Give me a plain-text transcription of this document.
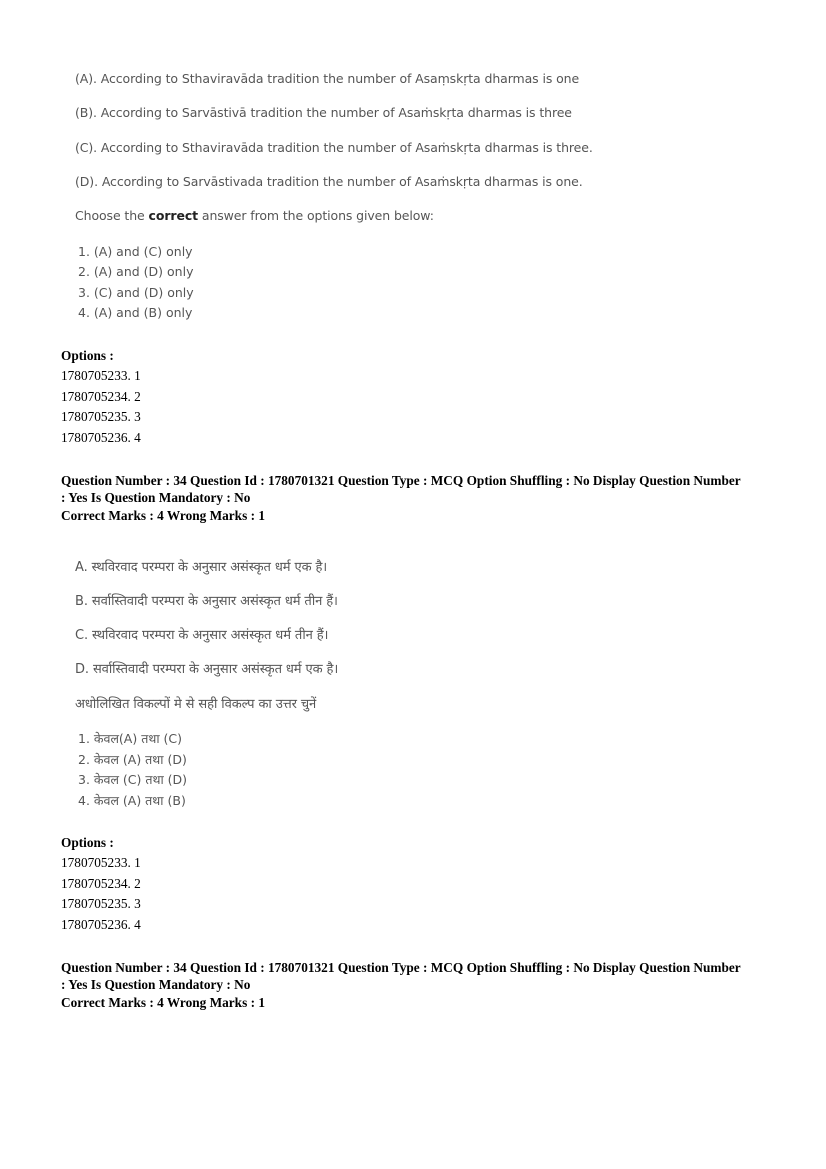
(A). According to Sthaviravāda tradition the number of Asaṃskṛta dharmas is one
(B). According to Sarvāstivā tradition the number of Asaṁskṛta dharmas is three
(C). According to Sthaviravāda tradition the number of Asaṁskṛta dharmas is three.
(D). According to Sarvāstivada tradition the number of Asaṁskṛta dharmas is one.
Choose the correct answer from the options given below:
1. (A) and (C) only
2. (A) and (D) only
3. (C) and (D) only
4. (A) and (B) only
Options :
1780705233. 1
1780705234. 2
1780705235. 3
1780705236. 4
Question Number : 34 Question Id : 1780701321 Question Type : MCQ Option Shuffling : No Display Question Number
: Yes Is Question Mandatory : No
Correct Marks : 4 Wrong Marks : 1
A. स्थविरवाद परम्परा के अनुसार असंस्कृत धर्म एक है।
B. सर्वास्तिवादी परम्परा के अनुसार असंस्कृत धर्म तीन हैं।
C. स्थविरवाद परम्परा के अनुसार असंस्कृत धर्म तीन हैं।
D. सर्वास्तिवादी परम्परा के अनुसार असंस्कृत धर्म एक है।
अधोलिखित विकल्पों मे से सही विकल्प का उत्तर चुनें
1. केवल(A) तथा (C)
2. केवल (A) तथा (D)
3. केवल (C) तथा (D)
4. केवल (A) तथा (B)
Options :
1780705233. 1
1780705234. 2
1780705235. 3
1780705236. 4
Question Number : 34 Question Id : 1780701321 Question Type : MCQ Option Shuffling : No Display Question Number
: Yes Is Question Mandatory : No
Correct Marks : 4 Wrong Marks : 1
